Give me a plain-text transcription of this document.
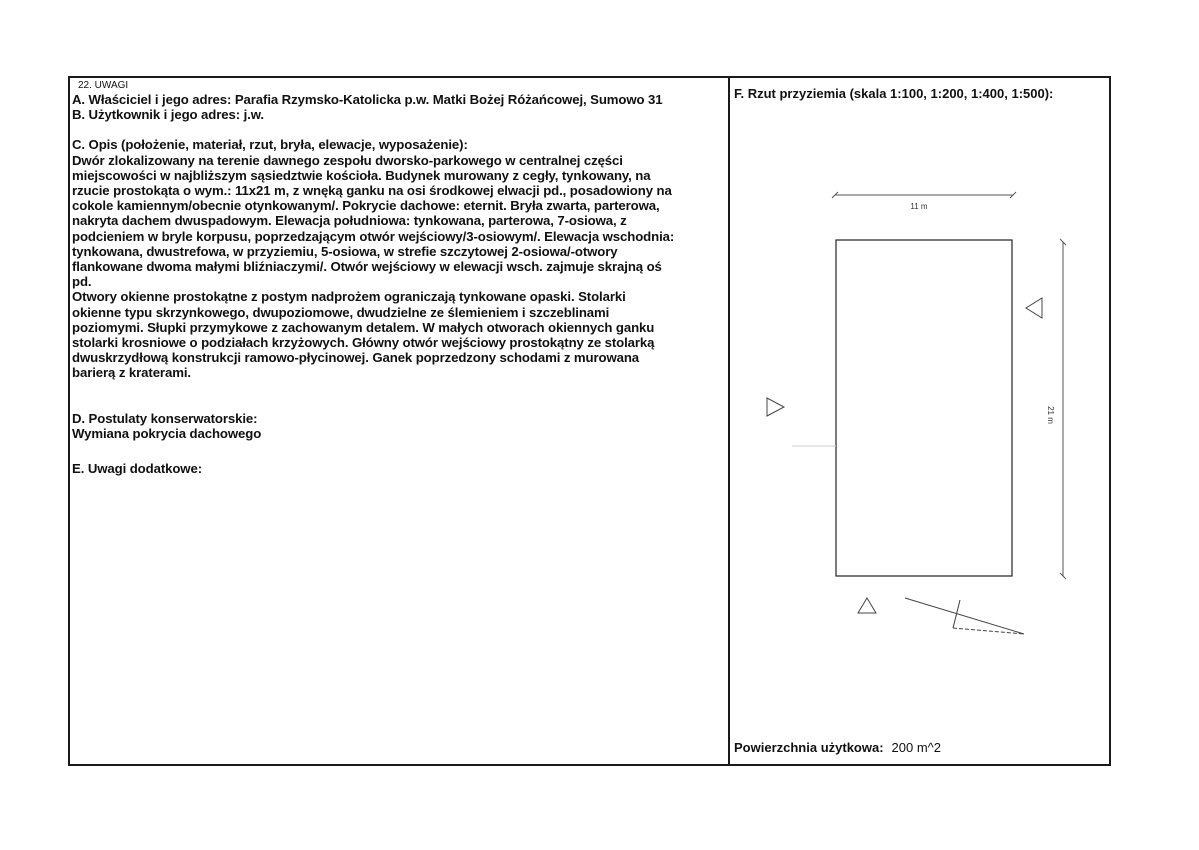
22. UWAGI
A. Właściciel i jego adres: Parafia Rzymsko-Katolicka p.w. Matki Bożej Różańcowej, Sumowo 31
B. Użytkownik i jego adres: j.w.
C. Opis (położenie, materiał, rzut, bryła, elewacje, wyposażenie):
Dwór zlokalizowany na terenie dawnego zespołu dworsko-parkowego w centralnej części
miejscowości w najbliższym sąsiedztwie kościoła. Budynek murowany z cegły, tynkowany, na
rzucie prostokąta o wym.: 11x21 m, z wnęką ganku na osi środkowej elwacji pd., posadowiony na
cokole kamiennym/obecnie otynkowanym/. Pokrycie dachowe: eternit. Bryła zwarta, parterowa,
nakryta dachem dwuspadowym. Elewacja południowa: tynkowana, parterowa, 7-osiowa, z
podcieniem w bryle korpusu, poprzedzającym otwór wejściowy/3-osiowym/. Elewacja wschodnia:
tynkowana, dwustrefowa, w przyziemiu, 5-osiowa, w strefie szczytowej 2-osiowa/-otwory
flankowane dwoma małymi bliźniaczymi/. Otwór wejściowy w elewacji wsch. zajmuje skrajną oś
pd.
Otwory okienne prostokątne z postym nadprożem ograniczają tynkowane opaski. Stolarki
okienne typu skrzynkowego, dwupoziomowe, dwudzielne ze ślemieniem i szczeblinami
poziomymi. Słupki przymykowe z zachowanym detalem. W małych otworach okiennych ganku
stolarki krosniowe o podziałach krzyżowych. Główny otwór wejściowy prostokątny ze stolarką
dwuskrzydłową konstrukcji ramowo-płycinowej. Ganek poprzedzony schodami z murowana
barierą z kraterami.
D. Postulaty konserwatorskie:
Wymiana pokrycia dachowego
E. Uwagi dodatkowe:
F. Rzut przyziemia (skala 1:100, 1:200, 1:400, 1:500):
11 m
21 m
Powierzchnia użytkowa: 200 m^2
